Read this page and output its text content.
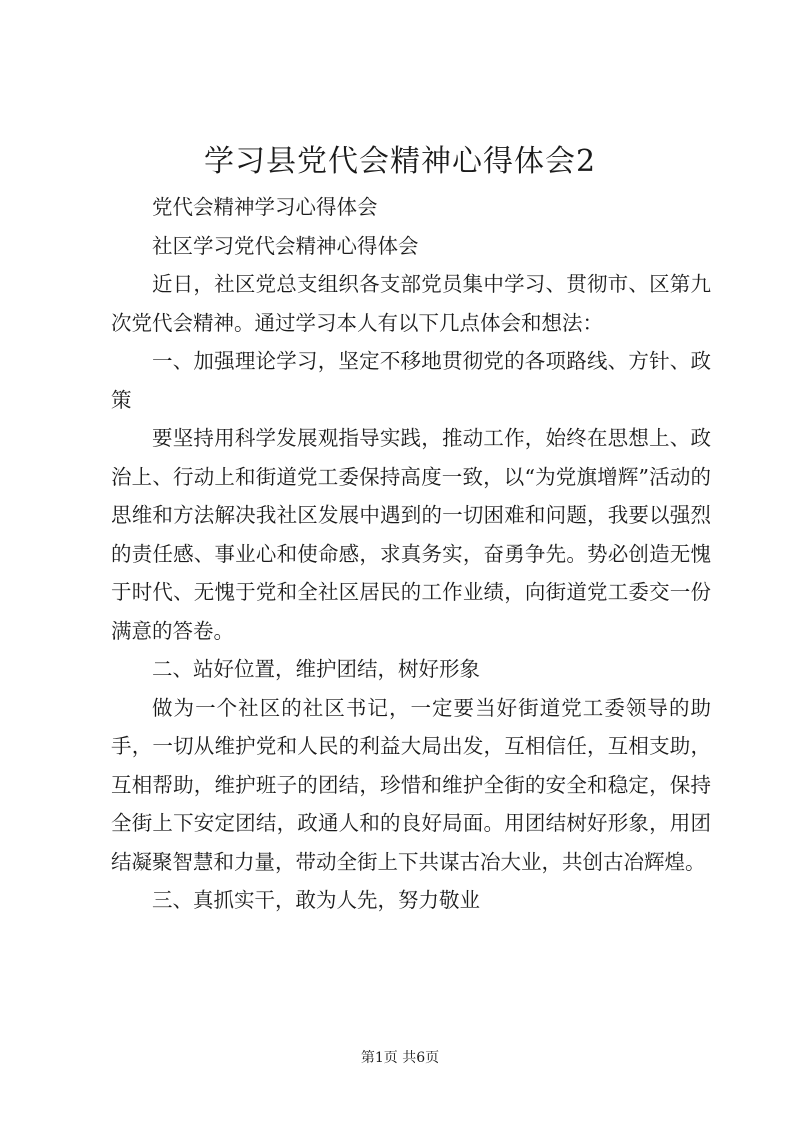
学习县党代会精神心得体会2

党代会精神学习心得体会

社区学习党代会精神心得体会

近日，社区党总支组织各支部党员集中学习、贯彻市、区第九次党代会精神。通过学习本人有以下几点体会和想法：

一、加强理论学习，坚定不移地贯彻党的各项路线、方针、政策

要坚持用科学发展观指导实践，推动工作，始终在思想上、政治上、行动上和街道党工委保持高度一致，以“为党旗增辉”活动的思维和方法解决我社区发展中遇到的一切困难和问题，我要以强烈的责任感、事业心和使命感，求真务实，奋勇争先。势必创造无愧于时代、无愧于党和全社区居民的工作业绩，向街道党工委交一份满意的答卷。

二、站好位置，维护团结，树好形象

做为一个社区的社区书记，一定要当好街道党工委领导的助手，一切从维护党和人民的利益大局出发，互相信任，互相支助，互相帮助，维护班子的团结，珍惜和维护全街的安全和稳定，保持全街上下安定团结，政通人和的良好局面。用团结树好形象，用团结凝聚智慧和力量，带动全街上下共谋古冶大业，共创古冶辉煌。

三、真抓实干，敢为人先，努力敬业

第1页 共6页
